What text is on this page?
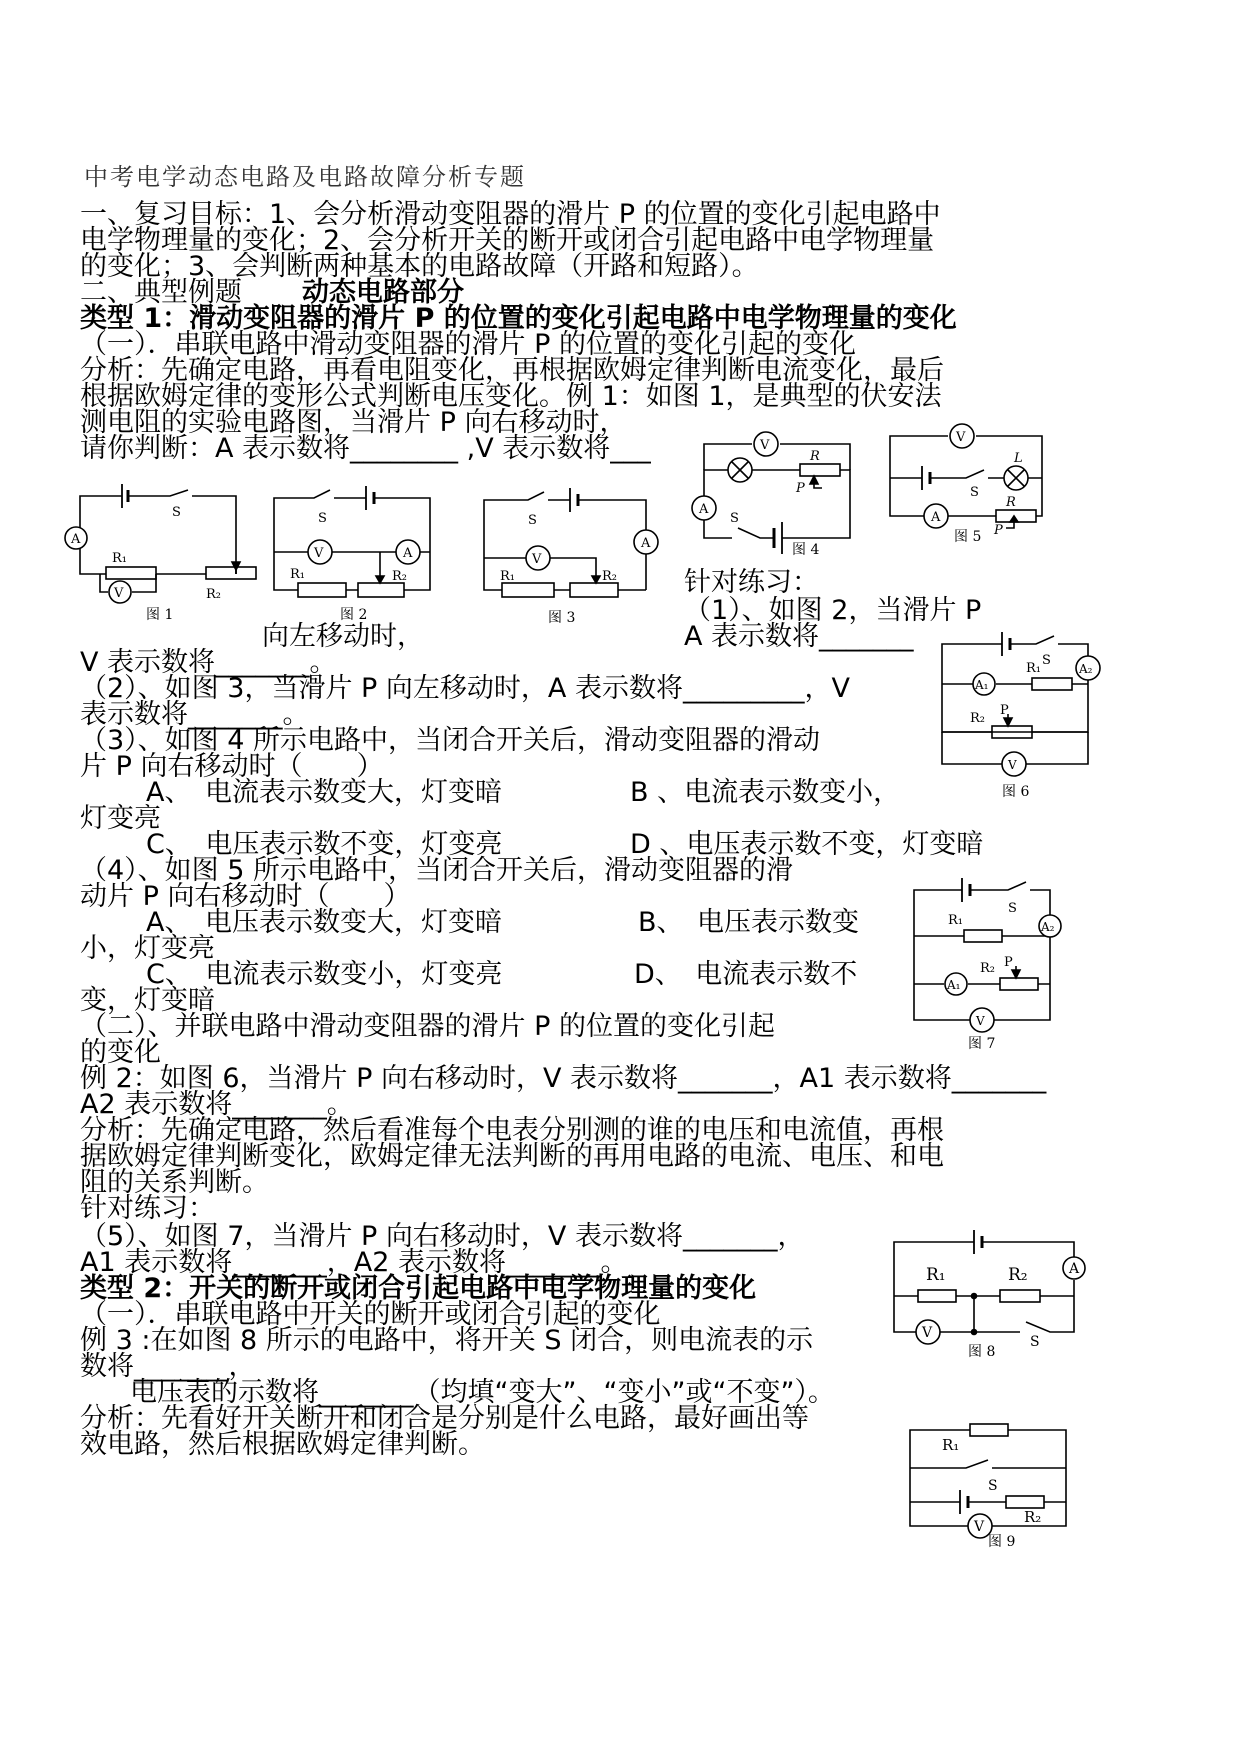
中考电学动态电路及电路故障分析专题
一、复习目标：1、会分析滑动变阻器的滑片 P 的位置的变化引起电路中
电学物理量的变化；2、会分析开关的断开或闭合引起电路中电学物理量
的变化；3、会判断两种基本的电路故障（开路和短路）。
二、典型例题 动态电路部分
类型 1：滑动变阻器的滑片 P 的位置的变化引起电路中电学物理量的变化
（一）．串联电路中滑动变阻器的滑片 P 的位置的变化引起的变化
分析：先确定电路，再看电阻变化，再根据欧姆定律判断电流变化，最后
根据欧姆定律的变形公式判断电压变化。例 1：如图 1，是典型的伏安法
测电阻的实验电路图，当滑片 P 向右移动时，
请你判断：A 表示数将________ ,V 表示数将___
针对练习：
（1）、如图 2，当滑片 P
向左移动时，	A 表示数将_______
V 表示数将_______。
（2）、如图 3，当滑片 P 向左移动时，A 表示数将_________，V
表示数将_______。
（3）、如图 4 所示电路中，当闭合开关后，滑动变阻器的滑动
片 P 向右移动时（　　）
A、　电流表示数变大，灯变暗	B 、电流表示数变小，
灯变亮
C、　电压表示数不变，灯变亮	D 、电压表示数不变，灯变暗
（4）、如图 5 所示电路中，当闭合开关后，滑动变阻器的滑
动片 P 向右移动时（　　）
A、　电压表示数变大，灯变暗	B、　电压表示数变
小，灯变亮
C、　电流表示数变小，灯变亮	D、　电流表示数不
变，灯变暗
（二）、并联电路中滑动变阻器的滑片 P 的位置的变化引起
的变化
例 2：如图 6，当滑片 P 向右移动时，V 表示数将_______，A1 表示数将_______
A2 表示数将_______。
分析：先确定电路，然后看准每个电表分别测的谁的电压和电流值，再根
据欧姆定律判断变化，欧姆定律无法判断的再用电路的电流、电压、和电
阻的关系判断。
针对练习：
（5）、如图 7，当滑片 P 向右移动时，V 表示数将_______，
A1 表示数将_______，A2 表示数将_______。
类型 2：开关的断开或闭合引起电路中电学物理量的变化
（一）．串联电路中开关的断开或闭合引起的变化
例 3 :在如图 8 所示的电路中，将开关 S 闭合，则电流表的示
数将_______，
电压表的示数将_______（均填“变大”、“变小”或“不变”）。
分析：先看好开关断开和闭合是分别是什么电路，最好画出等
效电路，然后根据欧姆定律判断。
A
V
S
R₁
R₂
图 1
V	A
S
R₁	R₂
图 2
V
A
S
R₁	R₂
图 3
V
A
S
R
P
图 4
V
A
S
L
R
P
图 5
A₁
A₂
V
S
R₁
R₂
P
图 6
A₁
A₂
V
S
R₁
R₂ P
图 7
A
V
S
R₁	R₂
图 8
V
S
R₁
R₂
图 9
